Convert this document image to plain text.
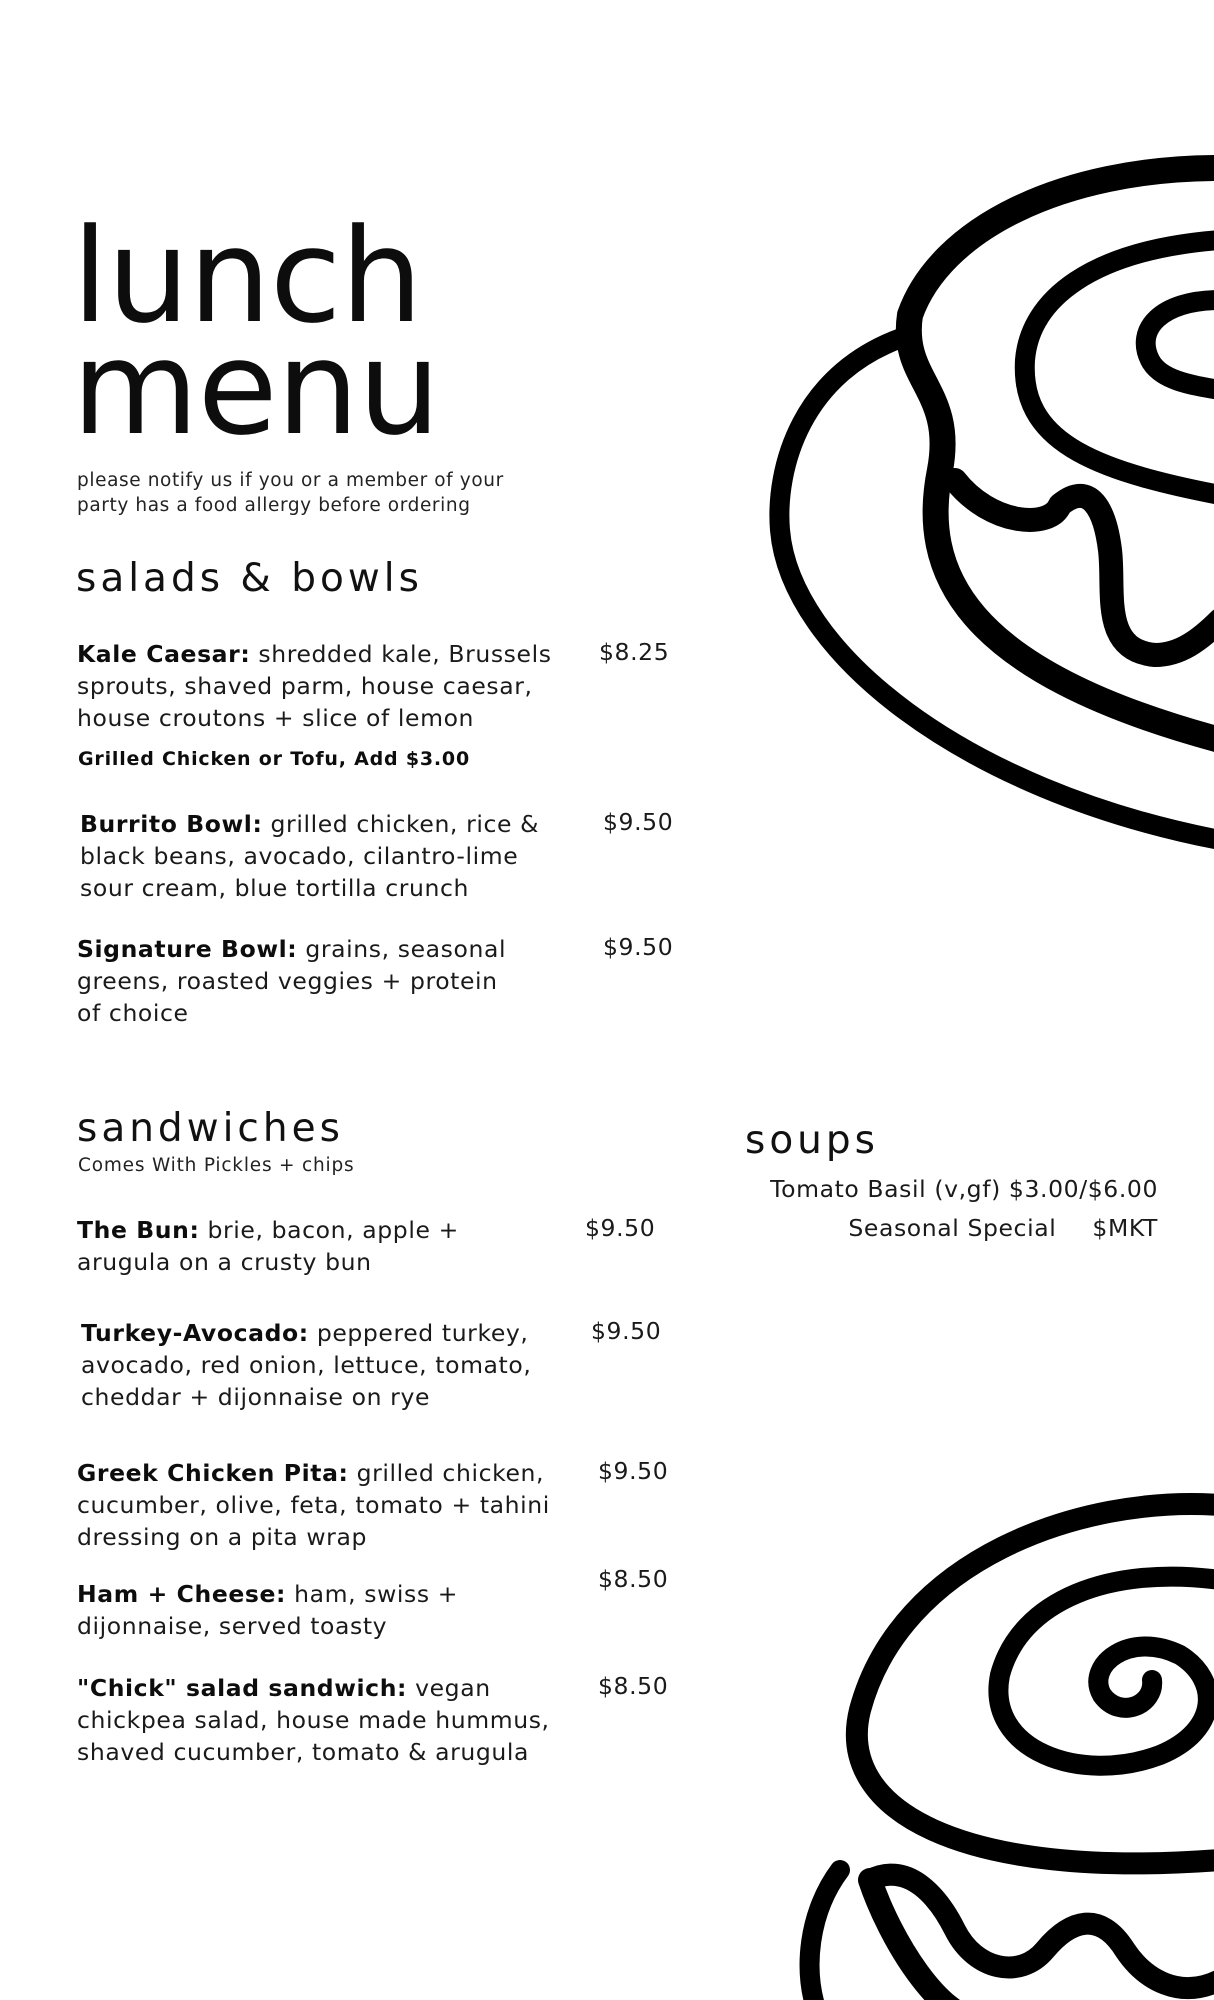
lunch
menu
please notify us if you or a member of your party has a food allergy before ordering
salads & bowls
Kale Caesar: shredded kale, Brussels sprouts, shaved parm, house caesar, house croutons + slice of lemon
$8.25
Grilled Chicken or Tofu, Add $3.00
Burrito Bowl: grilled chicken, rice & black beans, avocado, cilantro-lime sour cream, blue tortilla crunch
$9.50
Signature Bowl: grains, seasonal greens, roasted veggies + protein of choice
$9.50
sandwiches
Comes With Pickles + chips
The Bun: brie, bacon, apple + arugula on a crusty bun
$9.50
Turkey-Avocado: peppered turkey, avocado, red onion, lettuce, tomato, cheddar + dijonnaise on rye
$9.50
Greek Chicken Pita: grilled chicken, cucumber, olive, feta, tomato + tahini dressing on a pita wrap
$9.50
Ham + Cheese: ham, swiss + dijonnaise, served toasty
$8.50
"Chick" salad sandwich: vegan chickpea salad, house made hummus, shaved cucumber, tomato & arugula
$8.50
soups
Tomato Basil (v,gf) $3.00/$6.00
Seasonal Special $MKT
